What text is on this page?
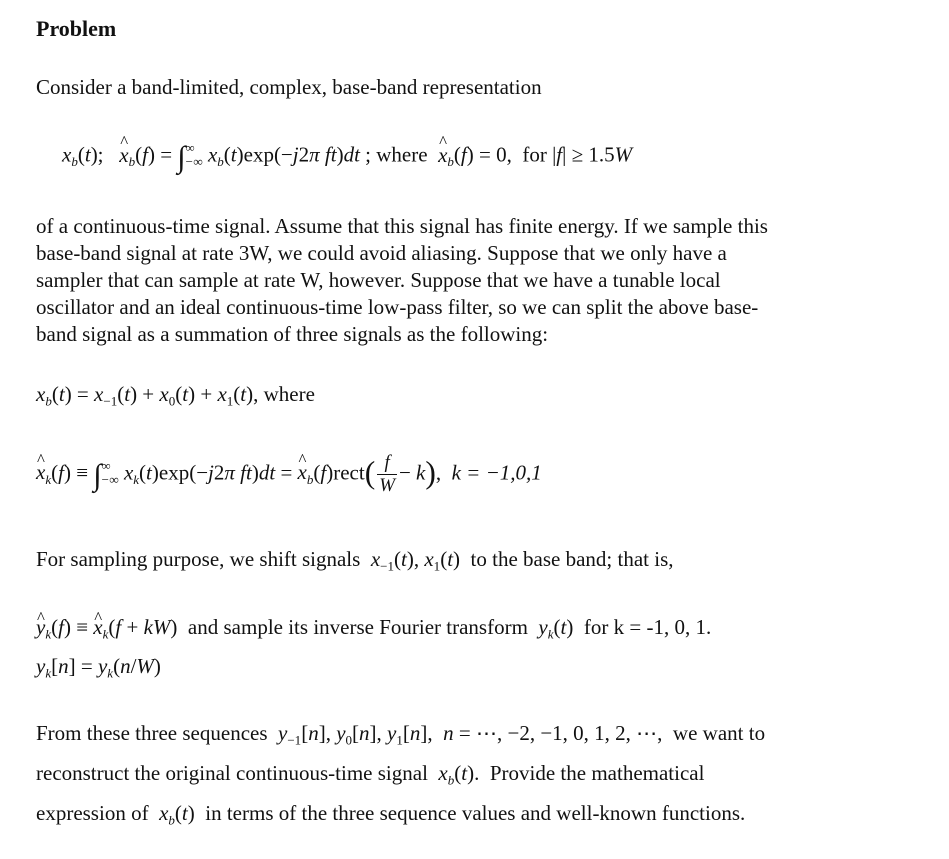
Problem
Consider a band-limited, complex, base-band representation
$x_b(t)$;   ^ $x_b(f) = \int^\infty_{-\infty}$ $x_b(t)\exp(-j2\pi$ ft)dt ; where  ^ $x_b(f) = 0$,  for |f| ≥ 1.5W
of a continuous-time signal. Assume that this signal has finite energy. If we sample this
base-band signal at rate 3W, we could avoid aliasing. Suppose that we only have a
sampler that can sample at rate W, however. Suppose that we have a tunable local
oscillator and an ideal continuous-time low-pass filter, so we can split the above base-
band signal as a summation of three signals as the following:
$x_b(t) = x_{-1}(t) + x_0(t) + x_1(t)$, where
^ $x_k(f) \equiv \int^\infty_{-\infty}$ $x_k(t)\exp(-j2\pi$ ft)dt = ^ $x_b(f)rect( \frac{f}{W} - k)$,  k = −1,0,1
For sampling purpose, we shift signals $x_{-1}(t)$, $x_1(t)$  to the base band; that is,
^ $y_k(f)$ ≡ ^ $x_k(f + kW)$  and sample its inverse Fourier transform $y_k(t)$  for k = -1, 0, 1.
$y_k[n] = y_k(n/W)$
From these three sequences $y_{-1}[n]$, $y_0[n]$, $y_1[n]$,  n = ⋯, −2, −1, 0, 1, 2, ⋯,  we want to
reconstruct the original continuous-time signal $x_b(t)$.  Provide the mathematical
expression of $x_b(t)$  in terms of the three sequence values and well-known functions.
